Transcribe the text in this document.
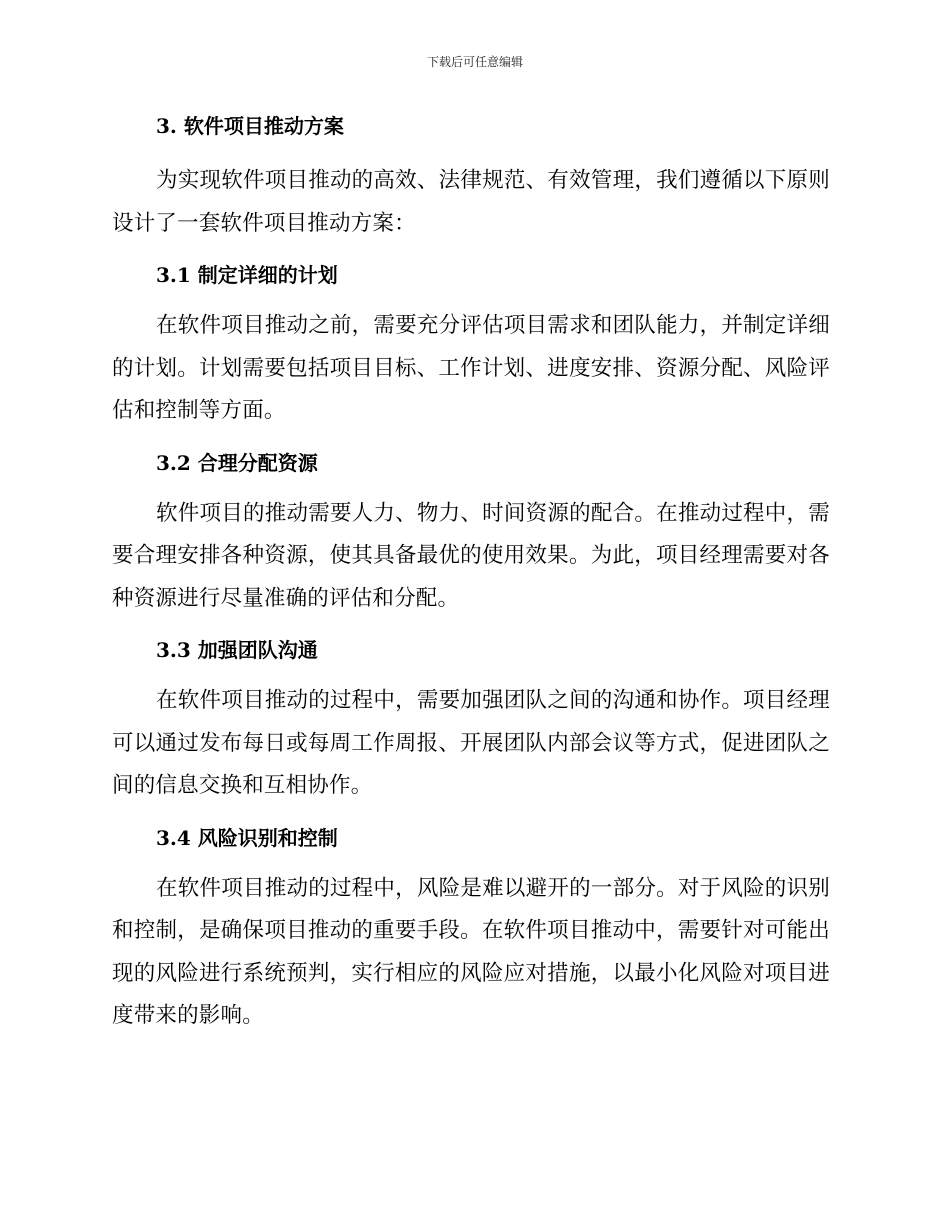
下载后可任意编辑
3. 软件项目推动方案

为实现软件项目推动的高效、法律规范、有效管理，我们遵循以下原则设计了一套软件项目推动方案：

3.1 制定详细的计划

在软件项目推动之前，需要充分评估项目需求和团队能力，并制定详细的计划。计划需要包括项目目标、工作计划、进度安排、资源分配、风险评估和控制等方面。

3.2 合理分配资源

软件项目的推动需要人力、物力、时间资源的配合。在推动过程中，需要合理安排各种资源，使其具备最优的使用效果。为此，项目经理需要对各种资源进行尽量准确的评估和分配。

3.3 加强团队沟通

在软件项目推动的过程中，需要加强团队之间的沟通和协作。项目经理可以通过发布每日或每周工作周报、开展团队内部会议等方式，促进团队之间的信息交换和互相协作。

3.4 风险识别和控制

在软件项目推动的过程中，风险是难以避开的一部分。对于风险的识别和控制，是确保项目推动的重要手段。在软件项目推动中，需要针对可能出现的风险进行系统预判，实行相应的风险应对措施，以最小化风险对项目进度带来的影响。
